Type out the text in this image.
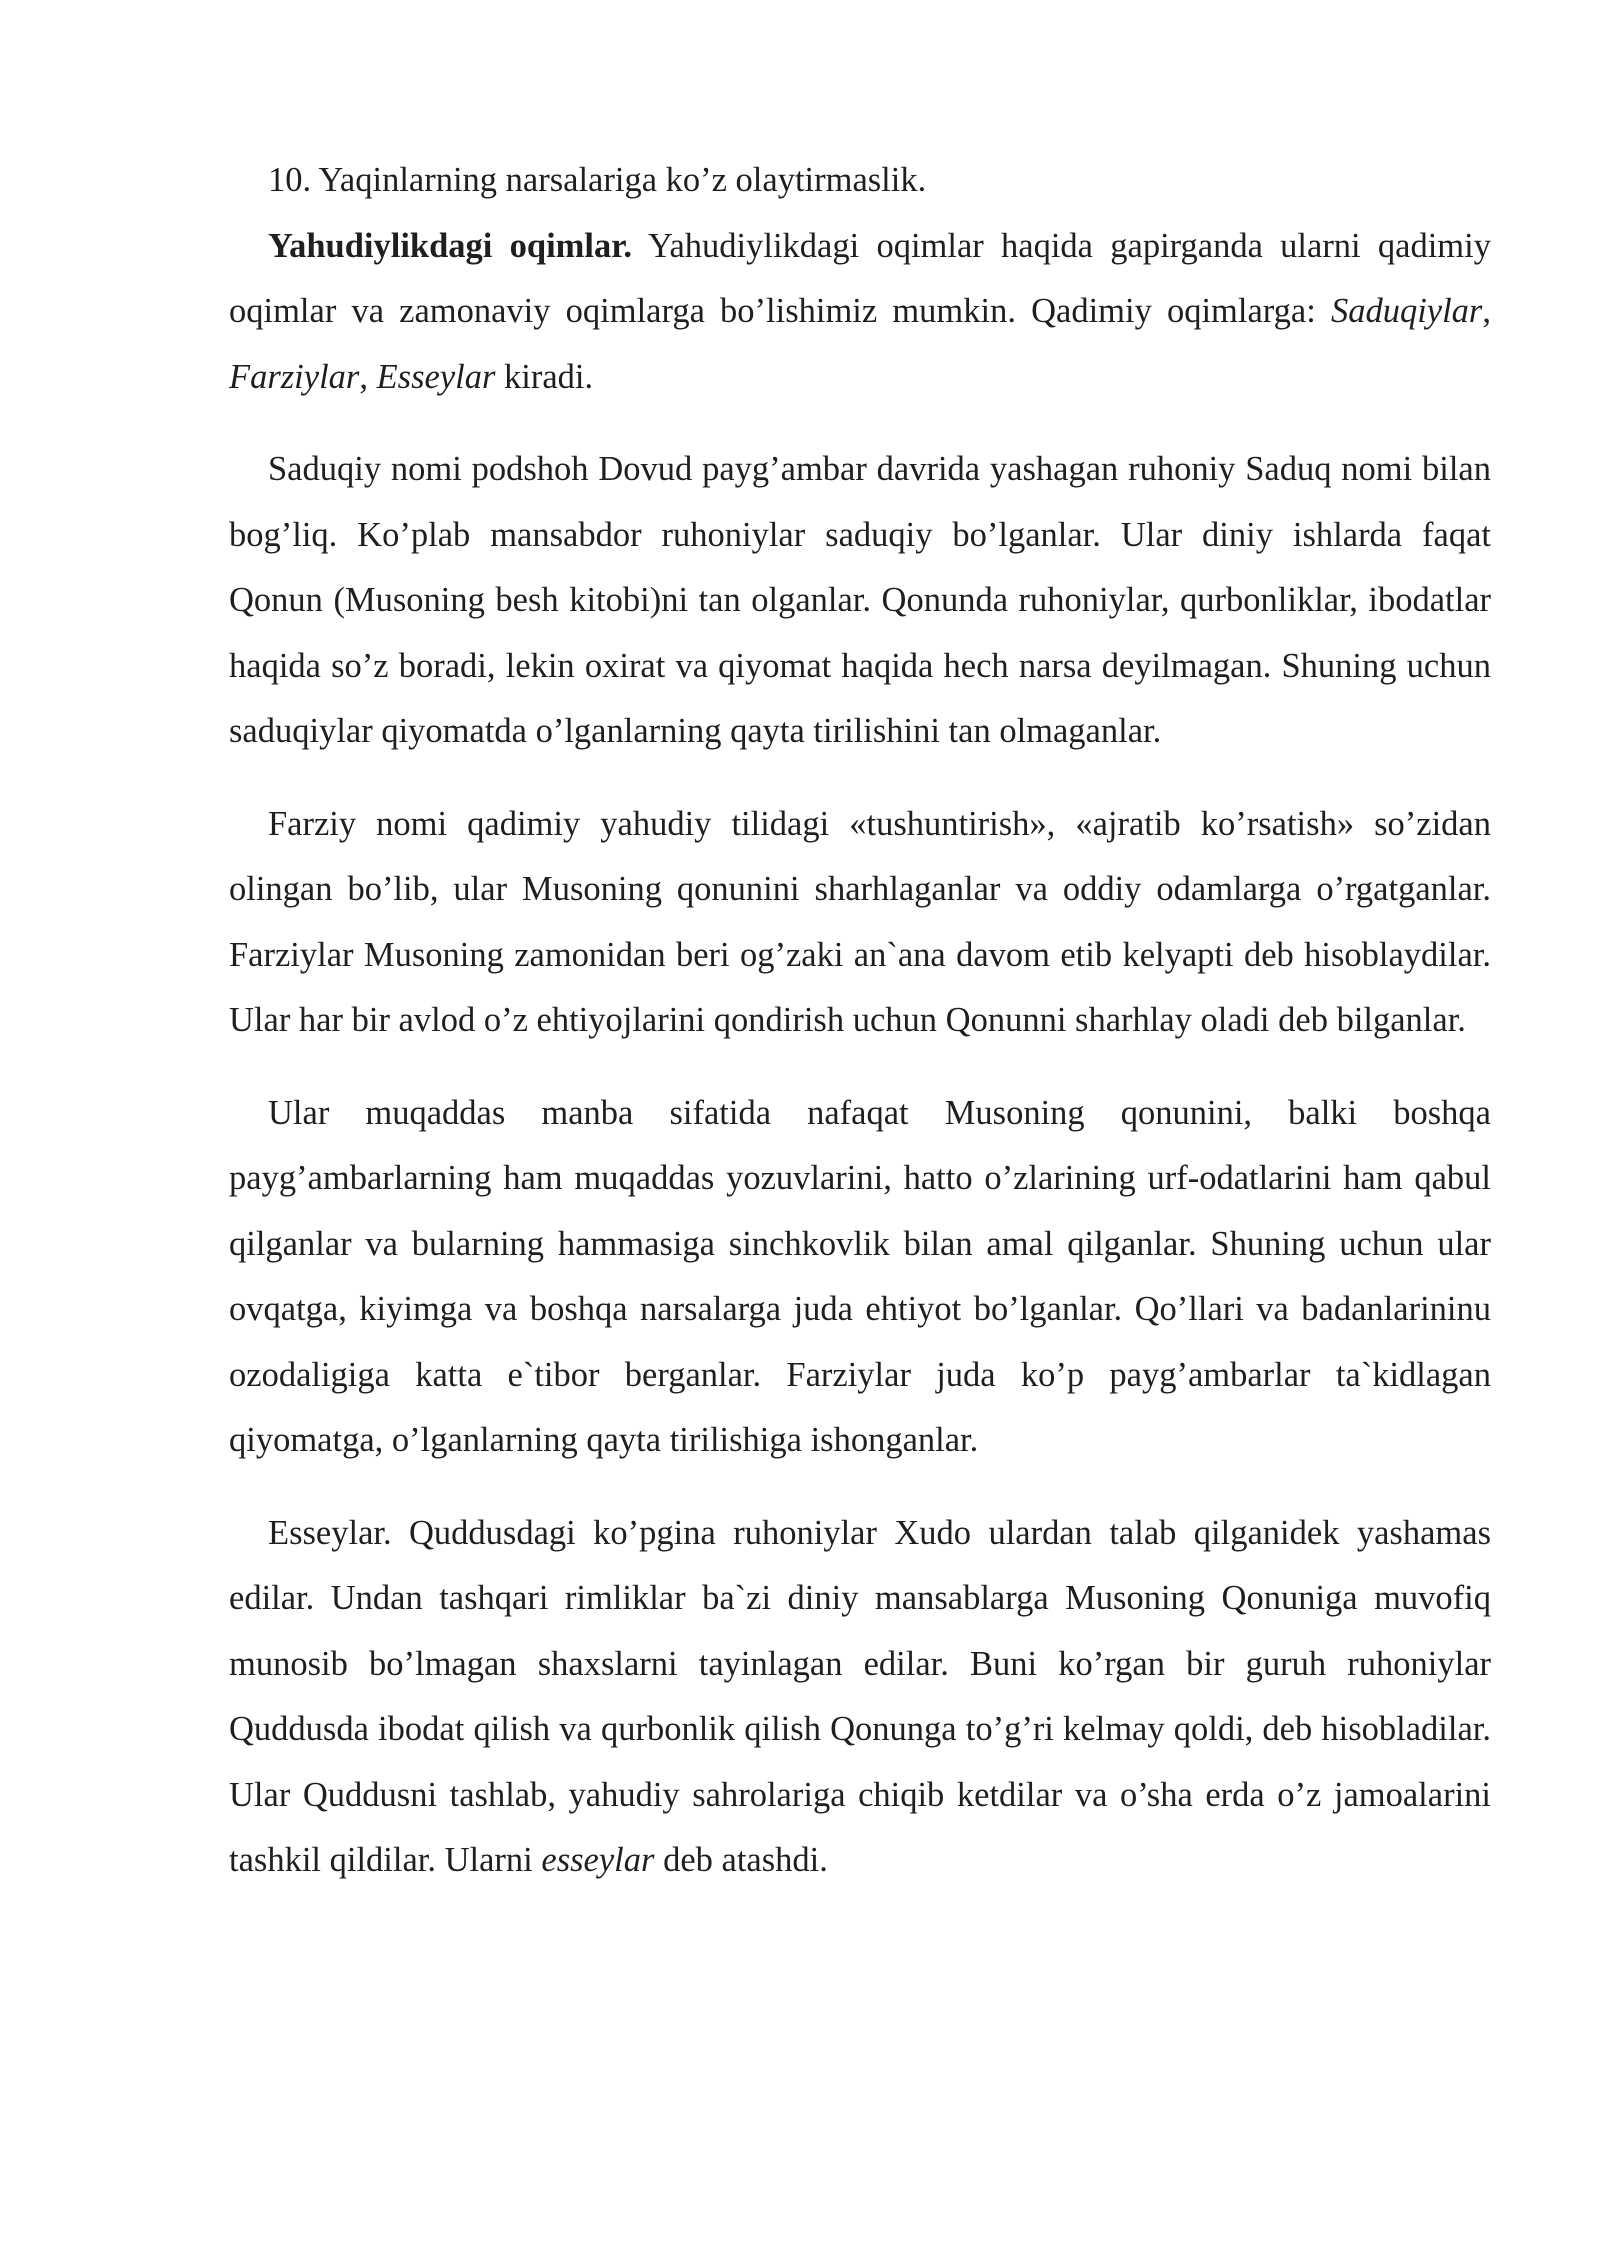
10. Yaqinlarning narsalariga ko’z olaytirmaslik.

Yahudiylikdagi oqimlar. Yahudiylikdagi oqimlar haqida gapirganda ularni qadimiy oqimlar va zamonaviy oqimlarga bo’lishimiz mumkin. Qadimiy oqimlarga: Saduqiylar, Farziylar, Esseylar kiradi.

Saduqiy nomi podshoh Dovud payg’ambar davrida yashagan ruhoniy Saduq nomi bilan bog’liq. Ko’plab mansabdor ruhoniylar saduqiy bo’lganlar. Ular diniy ishlarda faqat Qonun (Musoning besh kitobi)ni tan olganlar. Qonunda ruhoniylar, qurbonliklar, ibodatlar haqida so’z boradi, lekin oxirat va qiyomat haqida hech narsa deyilmagan. Shuning uchun saduqiylar qiyomatda o’lganlarning qayta tirilishini tan olmaganlar.

Farziy nomi qadimiy yahudiy tilidagi «tushuntirish», «ajratib ko’rsatish» so’zidan olingan bo’lib, ular Musoning qonunini sharhlaganlar va oddiy odamlarga o’rgatganlar. Farziylar Musoning zamonidan beri og’zaki an`ana davom etib kelyapti deb hisoblaydilar. Ular har bir avlod o’z ehtiyojlarini qondirish uchun Qonunni sharhlay oladi deb bilganlar.

Ular muqaddas manba sifatida nafaqat Musoning qonunini, balki boshqa payg’ambarlarning ham muqaddas yozuvlarini, hatto o’zlarining urf-odatlarini ham qabul qilganlar va bularning hammasiga sinchkovlik bilan amal qilganlar. Shuning uchun ular ovqatga, kiyimga va boshqa narsalarga juda ehtiyot bo’lganlar. Qo’llari va badanlarininu ozodaligiga katta e`tibor berganlar. Farziylar juda ko’p payg’ambarlar ta`kidlagan qiyomatga, o’lganlarning qayta tirilishiga ishonganlar.

Esseylar. Quddusdagi ko’pgina ruhoniylar Xudo ulardan talab qilganidek yashamas edilar. Undan tashqari rimliklar ba`zi diniy mansablarga Musoning Qonuniga muvofiq munosib bo’lmagan shaxslarni tayinlagan edilar. Buni ko’rgan bir guruh ruhoniylar Quddusda ibodat qilish va qurbonlik qilish Qonunga to’g’ri kelmay qoldi, deb hisobladilar. Ular Quddusni tashlab, yahudiy sahrolariga chiqib ketdilar va o’sha erda o’z jamoalarini tashkil qildilar. Ularni esseylar deb atashdi.
